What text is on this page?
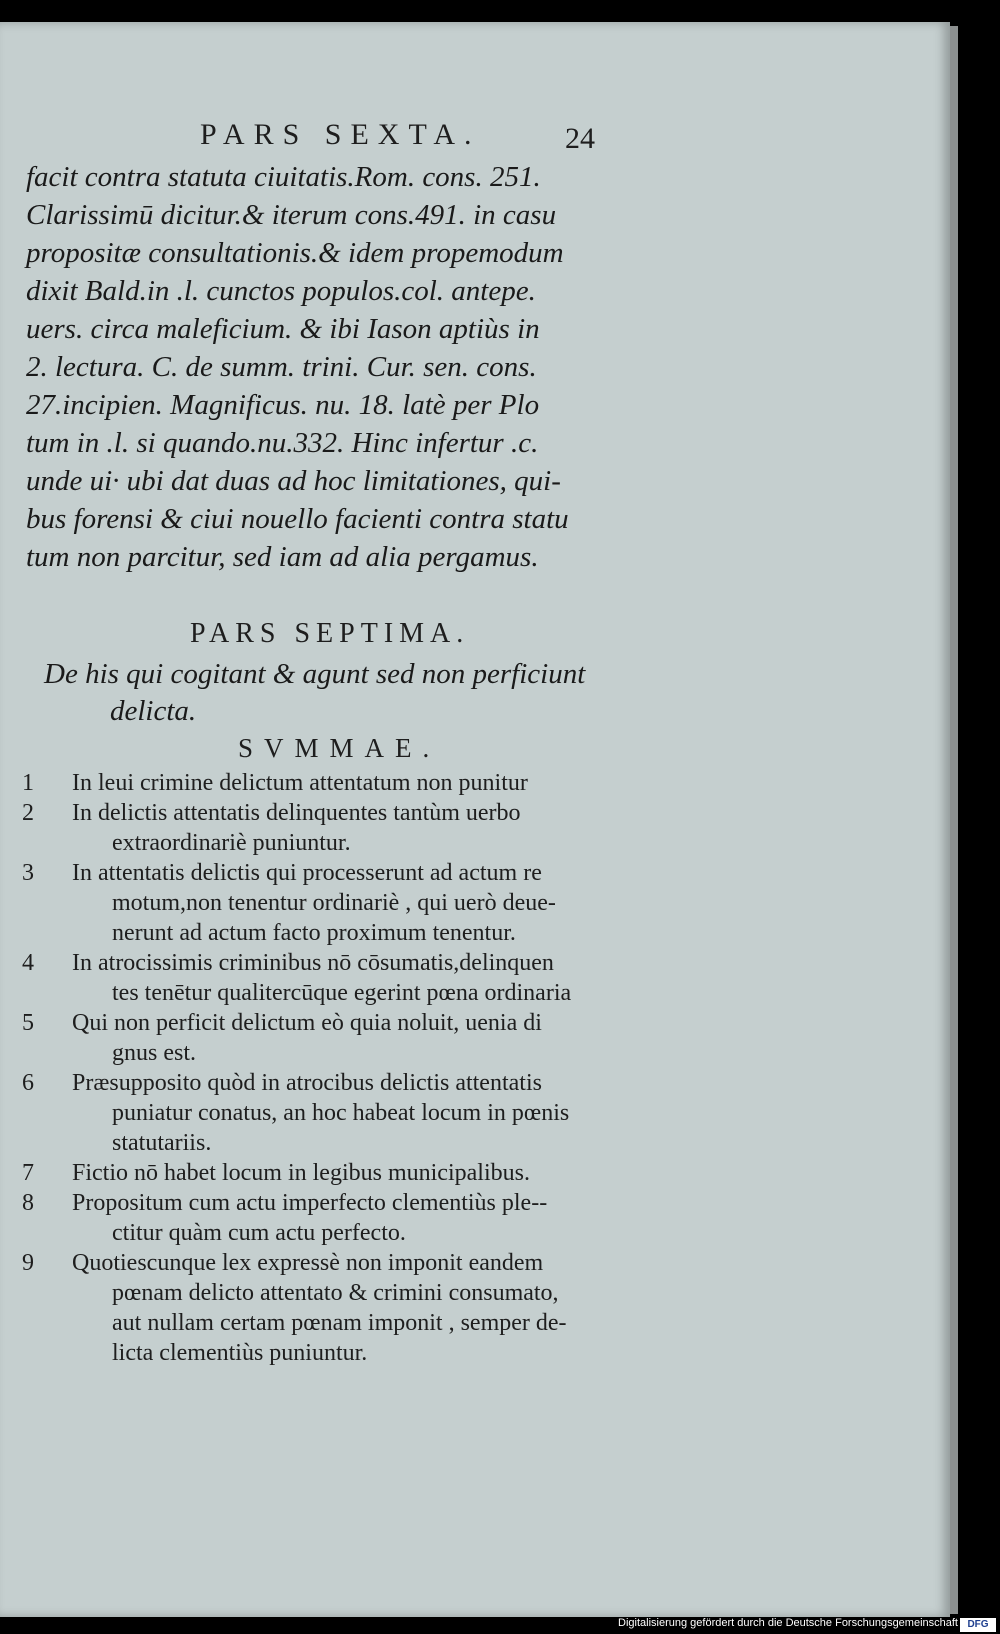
PARS SEXTA.	24
facit contra statuta ciuitatis.Rom. cons. 251.
Clarissimū dicitur.& iterum cons.491. in casu
propositæ consultationis.& idem propemodum
dixit Bald.in .l. cunctos populos.col. antepe.
uers. circa maleficium. & ibi Iason aptiùs in
2. lectura. C. de summ. trini. Cur. sen. cons.
27.incipien. Magnificus. nu. 18. latè per Plo
tum in .l. si quando.nu.332. Hinc infertur .c.
unde ui· ubi dat duas ad hoc limitationes, qui-
bus forensi & ciui nouello facienti contra statu
tum non parcitur, sed iam ad alia pergamus.
PARS SEPTIMA.
De his qui cogitant & agunt sed non perficiunt
delicta.
SVMMAE.
1	In leui crimine delictum attentatum non punitur
2	In delictis attentatis delinquentes tantùm uerbo
extraordinariè puniuntur.
3	In attentatis delictis qui processerunt ad actum re
motum,non tenentur ordinariè , qui uerò deue-
nerunt ad actum facto proximum tenentur.
4	In atrocissimis criminibus nō cōsumatis,delinquen
tes tenētur qualitercūque egerint pœna ordinaria
5	Qui non perficit delictum eò quia noluit, uenia di
gnus est.
6	Præsupposito quòd in atrocibus delictis attentatis
puniatur conatus, an hoc habeat locum in pœnis
statutariis.
7	Fictio nō habet locum in legibus municipalibus.
8	Propositum cum actu imperfecto clementiùs ple--
ctitur quàm cum actu perfecto.
9	Quotiescunque lex expressè non imponit eandem
pœnam delicto attentato & crimini consumato,
aut nullam certam pœnam imponit , semper de-
licta clementiùs puniuntur.
Digitalisierung gefördert durch die Deutsche Forschungsgemeinschaft DFG
